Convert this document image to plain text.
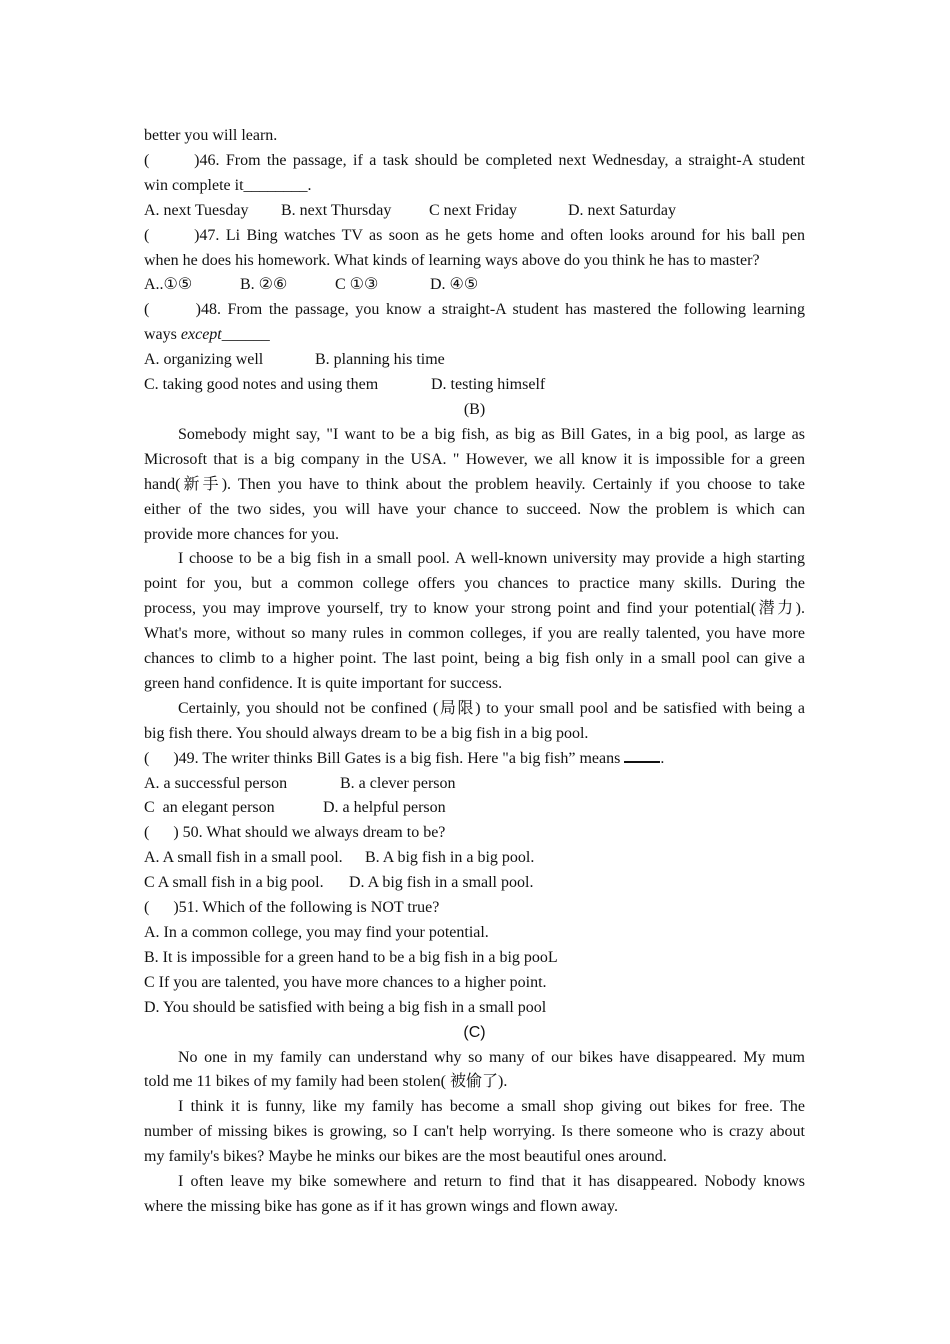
better you will learn.
(       )46. From the passage, if a task should be completed next Wednesday, a straight-A student
win complete it________.
A. next Tuesday B. next Thursday C next Friday	D. next Saturday
(       )47. Li Bing watches TV as soon as he gets home and often looks around for his ball pen
when he does his homework. What kinds of learning ways above do you think he has to master?
A..①⑤	B. ②⑥	C ①③	D. ④⑤
(       )48. From the passage, you know a straight-A student has mastered the following learning
ways except______
A. organizing well	B. planning his time
C. taking good notes and using them	D. testing himself
(B)
Somebody might say, "I want to be a big fish, as big as Bill Gates, in a big pool, as large as
Microsoft that is a big company in the USA. " However, we all know it is impossible for a green
hand(新手). Then you have to think about the problem heavily. Certainly if you choose to take
either of the two sides, you will have your chance to succeed. Now the problem is which can
provide more chances for you.
I choose to be a big fish in a small pool. A well-known university may provide a high starting
point for you, but a common college offers you chances to practice many skills. During the
process, you may improve yourself, try to know your strong point and find your potential(潜力).
What's more, without so many rules in common colleges, if you are really talented, you have more
chances to climb to a higher point. The last point, being a big fish only in a small pool can give a
green hand confidence. It is quite important for success.
Certainly, you should not be confined (局限) to your small pool and be satisfied with being a
big fish there. You should always dream to be a big fish in a big pool.
(      )49. The writer thinks Bill Gates is a big fish. Here "a big fish” means .
A. a successful person	B. a clever person
C  an elegant person	D. a helpful person
(      ) 50. What should we always dream to be?
A. A small fish in a small pool. B. A big fish in a big pool.
C A small fish in a big pool. D. A big fish in a small pool.
(      )51. Which of the following is NOT true?
A. In a common college, you may find your potential.
B. It is impossible for a green hand to be a big fish in a big pooL
C If you are talented, you have more chances to a higher point.
D. You should be satisfied with being a big fish in a small pool
(C)
No one in my family can understand why so many of our bikes have disappeared. My mum
told me 11 bikes of my family had been stolen( 被偷了).
I think it is funny, like my family has become a small shop giving out bikes for free. The
number of missing bikes is growing, so I can't help worrying. Is there someone who is crazy about
my family's bikes? Maybe he minks our bikes are the most beautiful ones around.
I often leave my bike somewhere and return to find that it has disappeared. Nobody knows
where the missing bike has gone as if it has grown wings and flown away.
